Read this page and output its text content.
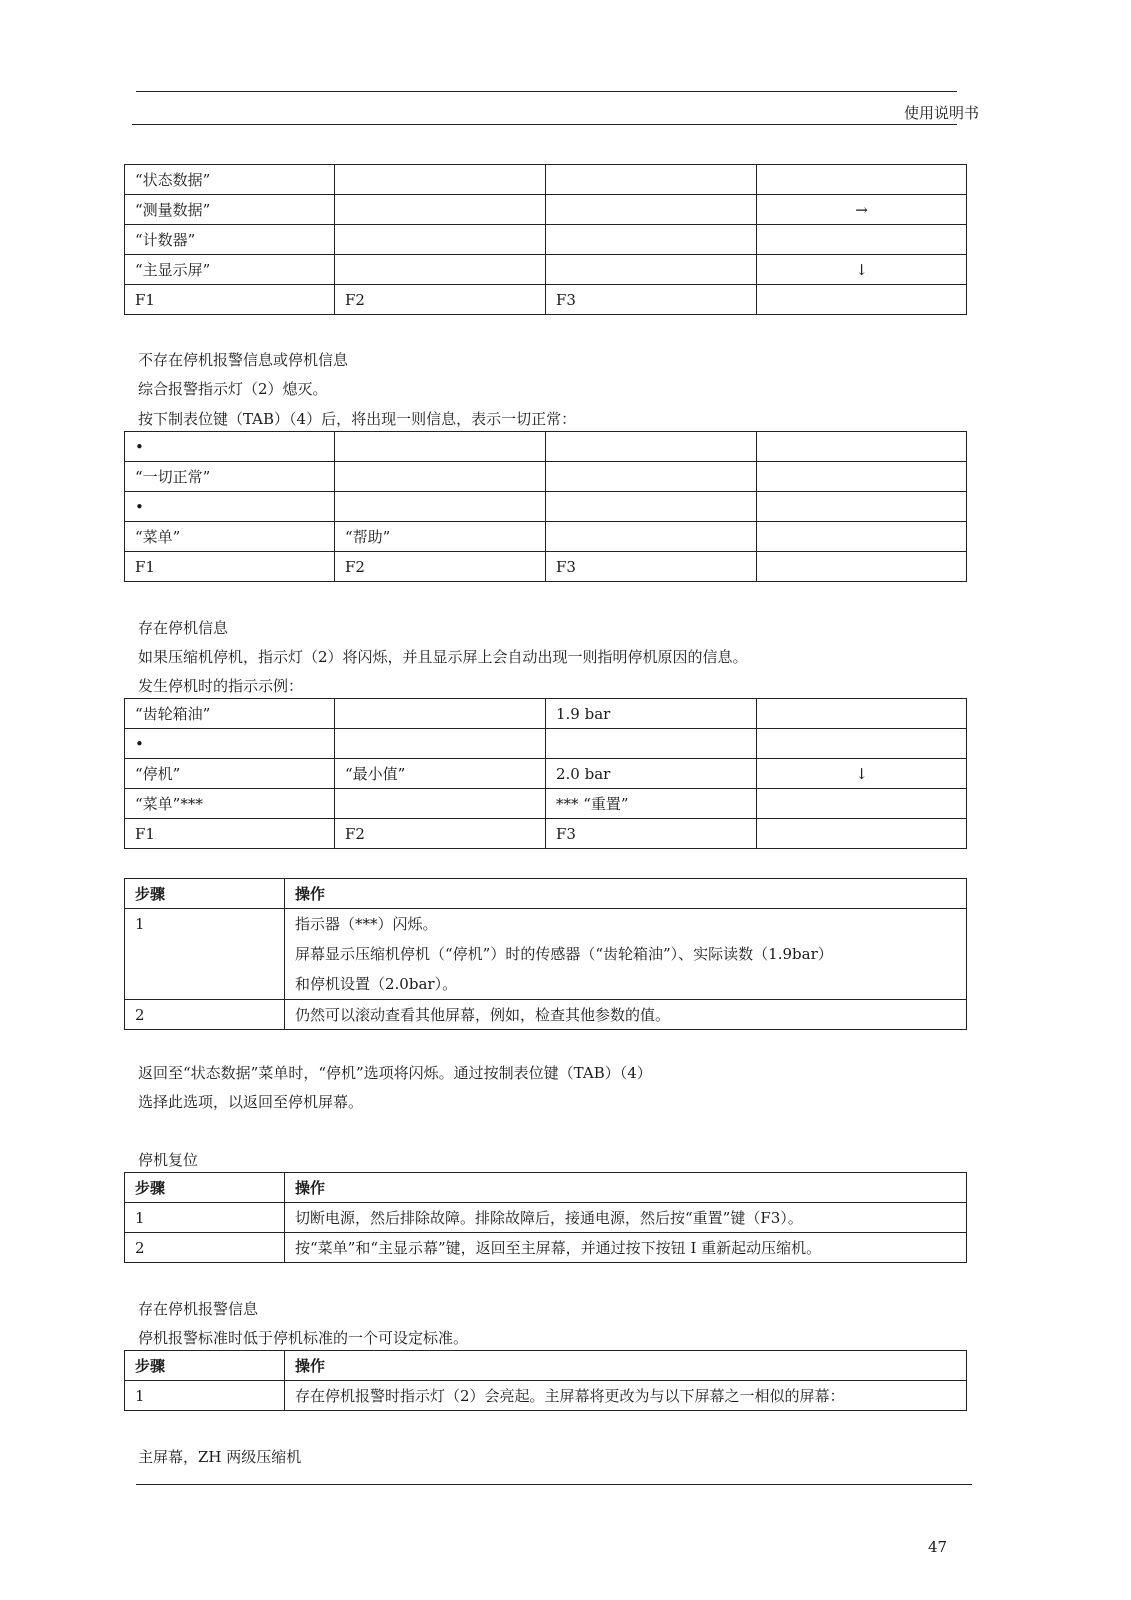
使用说明书
“状态数据”			
“测量数据”			→
“计数器”			
“主显示屏”			↓
F1	F2	F3	
不存在停机报警信息或停机信息
综合报警指示灯（2）熄灭。
按下制表位键（TAB）（4）后，将出现一则信息，表示一切正常：
•			
“一切正常”			
•			
“菜单”	“帮助”		
F1	F2	F3	
存在停机信息
如果压缩机停机，指示灯（2）将闪烁，并且显示屏上会自动出现一则指明停机原因的信息。
发生停机时的指示示例：
“齿轮箱油”		1.9 bar	
•			
“停机”	“最小值”	2.0 bar	↓
“菜单”***		*** “重置”	
F1	F2	F3	
步骤	操作
1	指示器（***）闪烁。
屏幕显示压缩机停机（“停机”）时的传感器（“齿轮箱油”）、实际读数（1.9bar）
和停机设置（2.0bar）。

2	仍然可以滚动查看其他屏幕，例如，检查其他参数的值。
返回至“状态数据”菜单时，“停机”选项将闪烁。通过按制表位键（TAB）（4）
选择此选项，以返回至停机屏幕。
停机复位
步骤	操作
1	切断电源，然后排除故障。排除故障后，接通电源，然后按“重置”键（F3）。
2	按“菜单”和“主显示幕”键，返回至主屏幕，并通过按下按钮 I 重新起动压缩机。
存在停机报警信息
停机报警标准时低于停机标准的一个可设定标准。
步骤	操作
1	存在停机报警时指示灯（2）会亮起。主屏幕将更改为与以下屏幕之一相似的屏幕：
主屏幕，ZH 两级压缩机
47
